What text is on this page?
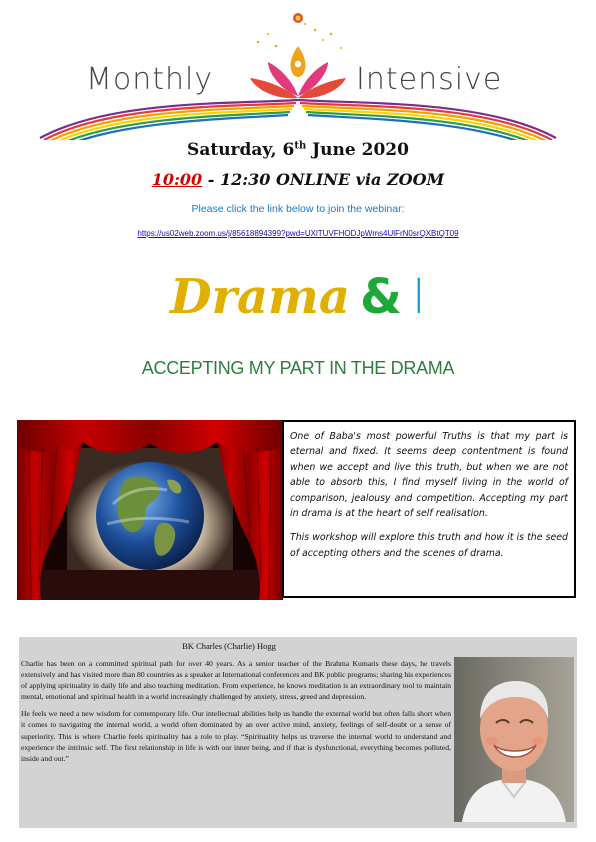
Monthly	Intensive
Saturday, 6th June 2020
10:00 - 12:30 ONLINE via ZOOM
Please click the link below to join the webinar:
https://us02web.zoom.us/j/85618894399?pwd=UXlTUVFHODJpWms4UlFrN0srQXBtQT09
Drama & I
ACCEPTING MY PART IN THE DRAMA

One of Baba's most powerful Truths is that my part is eternal and fixed. It seems deep contentment is found when we accept and live this truth, but when we are not able to absorb this, I find myself living in the world of comparison, jealousy and competition. Accepting my part in drama is at the heart of self realisation.

This workshop will explore this truth and how it is the seed of accepting others and the scenes of drama.

BK Charles (Charlie) Hogg

Charlie has been on a committed spiritual path for over 40 years. As a senior teacher of the Brahma Kumaris these days, he travels extensively and has visited more than 80 countries as a speaker at International conferences and BK public programs; sharing his experiences of applying spirituality in daily life and also teaching meditation. From experience, he knows meditation is an extraordinary tool to maintain mental, emotional and spiritual health in a world increasingly challenged by anxiety, stress, greed and depression.

He feels we need a new wisdom for contemporary life. Our intellectual abilities help us handle the external world but often falls short when it comes to navigating the internal world, a world often dominated by an over active mind, anxiety, feelings of self-doubt or a sense of superiority. This is where Charlie feels spirituality has a role to play. “Spirituality helps us traverse the internal world to understand and experience the intrinsic self. The first relationship in life is with our inner being, and if that is dysfunctional, everything becomes polluted, inside and out.”
